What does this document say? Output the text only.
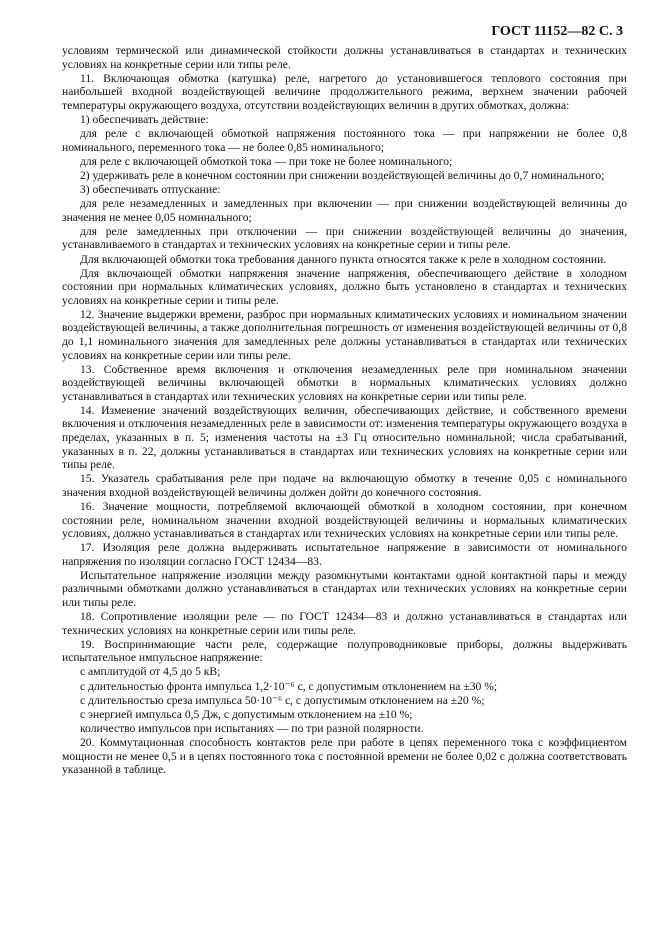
ГОСТ 11152—82 С. 3

условиям термической или динамической стойкости должны устанавливаться в стандартах и технических условиях на конкретные серии или типы реле.

11. Включающая обмотка (катушка) реле, нагретого до установившегося теплового состояния при наибольшей входной воздействующей величине продолжительного режима, верхнем значении рабочей температуры окружающего воздуха, отсутствии воздействующих величин в других обмотках, должна:

1) обеспечивать действие:

для реле с включающей обмоткой напряжения постоянного тока — при напряжении не более 0,8 номинального, переменного тока — не более 0,85 номинального;

для реле с включающей обмоткой тока — при токе не более номинального;

2) удерживать реле в конечном состоянии при снижении воздействующей величины до 0,7 номинального;

3) обеспечивать отпускание:

для реле незамедленных и замедленных при включении — при снижении воздействующей величины до значения не менее 0,05 номинального;

для реле замедленных при отключении — при снижении воздействующей величины до значения, устанавливаемого в стандартах и технических условиях на конкретные серии и типы реле.

Для включающей обмотки тока требования данного пункта относятся также к реле в холодном состоянии.

Для включающей обмотки напряжения значение напряжения, обеспечивающего действие в холодном состоянии при нормальных климатических условиях, должно быть установлено в стандартах и технических условиях на конкретные серии и типы реле.

12. Значение выдержки времени, разброс при нормальных климатических условиях и номинальном значении воздействующей величины, а также дополнительная погрешность от изменения воздействующей величины от 0,8 до 1,1 номинального значения для замедленных реле должны устанавливаться в стандартах или технических условиях на конкретные серии или типы реле.

13. Собственное время включения и отключения незамедленных реле при номинальном значении воздействующей величины включающей обмотки в нормальных климатических условиях должно устанавливаться в стандартах или технических условиях на конкретные серии или типы реле.

14. Изменение значений воздействующих величин, обеспечивающих действие, и собственного времени включения и отключения незамедленных реле в зависимости от: изменения температуры окружающего воздуха в пределах, указанных в п. 5; изменения частоты на ±3 Гц относительно номинальной; числа срабатываний, указанных в п. 22, должны устанавливаться в стандартах или технических условиях на конкретные серии или типы реле.

15. Указатель срабатывания реле при подаче на включающую обмотку в течение 0,05 с номинального значения входной воздействующей величины должен дойти до конечного состояния.

16. Значение мощности, потребляемой включающей обмоткой в холодном состоянии, при конечном состоянии реле, номинальном значении входной воздействующей величины и нормальных климатических условиях, должно устанавливаться в стандартах или технических условиях на конкретные серии или типы реле.

17. Изоляция реле должна выдерживать испытательное напряжение в зависимости от номинального напряжения по изоляции согласно ГОСТ 12434—83.

Испытательное напряжение изоляции между разомкнутыми контактами одной контактной пары и между различными обмотками должно устанавливаться в стандартах или технических условиях на конкретные серии или типы реле.

18. Сопротивление изоляции реле — по ГОСТ 12434—83 и должно устанавливаться в стандартах или технических условиях на конкретные серии или типы реле.

19. Воспринимающие части реле, содержащие полупроводниковые приборы, должны выдерживать испытательное импульсное напряжение:

с амплитудой от 4,5 до 5 кВ;

с длительностью фронта импульса 1,2·10⁻⁶ с, с допустимым отклонением на ±30 %;

с длительностью среза импульса 50·10⁻⁶ с, с допустимым отклонением на ±20 %;

с энергией импульса 0,5 Дж, с допустимым отклонением на ±10 %;

количество импульсов при испытаниях — по три разной полярности.

20. Коммутационная способность контактов реле при работе в цепях переменного тока с коэффициентом мощности не менее 0,5 и в цепях постоянного тока с постоянной времени не более 0,02 с должна соответствовать указанной в таблице.
